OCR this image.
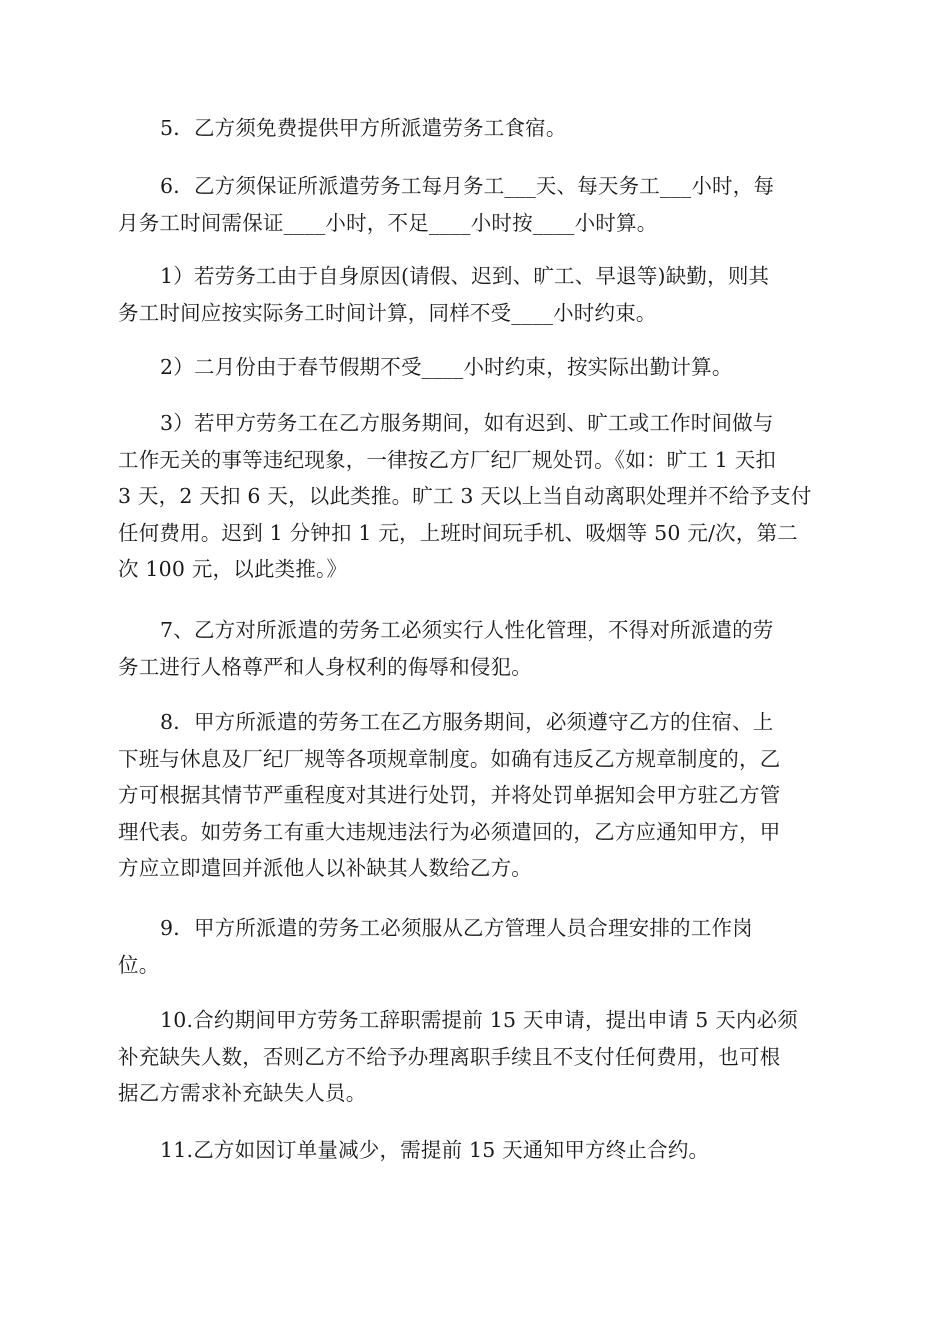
5．乙方须免费提供甲方所派遣劳务工食宿。

6．乙方须保证所派遣劳务工每月务工___天、每天务工___小时，每
月务工时间需保证____小时，不足____小时按____小时算。

1）若劳务工由于自身原因(请假、迟到、旷工、早退等)缺勤，则其
务工时间应按实际务工时间计算，同样不受____小时约束。

2）二月份由于春节假期不受____小时约束，按实际出勤计算。

3）若甲方劳务工在乙方服务期间，如有迟到、旷工或工作时间做与
工作无关的事等违纪现象，一律按乙方厂纪厂规处罚。《如：旷工 1 天扣
3 天，2 天扣 6 天，以此类推。旷工 3 天以上当自动离职处理并不给予支付
任何费用。迟到 1 分钟扣 1 元，上班时间玩手机、吸烟等 50 元/次，第二
次 100 元，以此类推。》

7、乙方对所派遣的劳务工必须实行人性化管理，不得对所派遣的劳
务工进行人格尊严和人身权利的侮辱和侵犯。

8．甲方所派遣的劳务工在乙方服务期间，必须遵守乙方的住宿、上
下班与休息及厂纪厂规等各项规章制度。如确有违反乙方规章制度的，乙
方可根据其情节严重程度对其进行处罚，并将处罚单据知会甲方驻乙方管
理代表。如劳务工有重大违规违法行为必须遣回的，乙方应通知甲方，甲
方应立即遣回并派他人以补缺其人数给乙方。

9．甲方所派遣的劳务工必须服从乙方管理人员合理安排的工作岗
位。

10.合约期间甲方劳务工辞职需提前 15 天申请，提出申请 5 天内必须
补充缺失人数，否则乙方不给予办理离职手续且不支付任何费用，也可根
据乙方需求补充缺失人员。

11.乙方如因订单量减少，需提前 15 天通知甲方终止合约。
